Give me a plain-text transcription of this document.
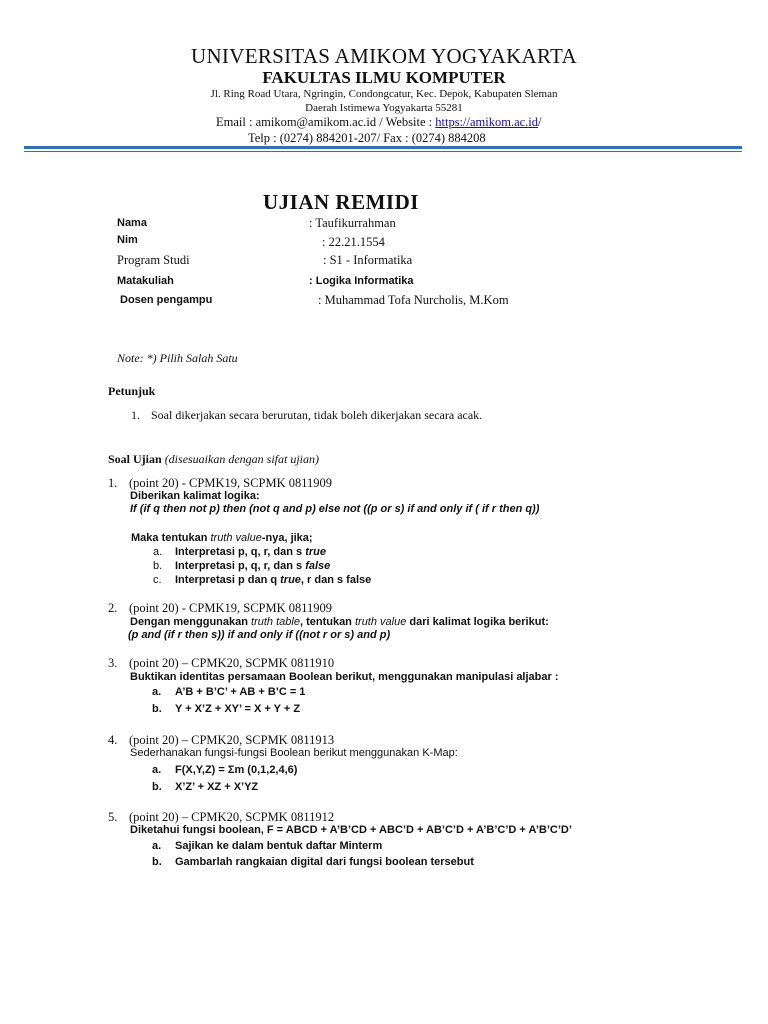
UNIVERSITAS AMIKOM YOGYAKARTA
FAKULTAS ILMU KOMPUTER
Jl. Ring Road Utara, Ngringin, Condongcatur, Kec. Depok, Kabupaten Sleman
Daerah Istimewa Yogyakarta 55281
Email : amikom@amikom.ac.id / Website : https://amikom.ac.id/
Telp : (0274) 884201-207/ Fax : (0274) 884208
UJIAN REMIDI
Nama	: Taufikurrahman
Nim	: 22.21.1554
Program Studi	: S1 - Informatika
Matakuliah	: Logika Informatika
Dosen pengampu	: Muhammad Tofa Nurcholis, M.Kom
Note: *) Pilih Salah Satu
Petunjuk
1. Soal dikerjakan secara berurutan, tidak boleh dikerjakan secara acak.
Soal Ujian (disesuaikan dengan sifat ujian)
1. (point 20) - CPMK19, SCPMK 0811909
Diberikan kalimat logika:
If (if q then not p) then (not q and p) else not ((p or s) if and only if ( if r then q))
Maka tentukan truth value-nya, jika;
a. Interpretasi p, q, r, dan s true
b. Interpretasi p, q, r, dan s false
c. Interpretasi p dan q true, r dan s false
2. (point 20) - CPMK19, SCPMK 0811909
Dengan menggunakan truth table, tentukan truth value dari kalimat logika berikut:
(p and (if r then s)) if and only if ((not r or s) and p)
3. (point 20) – CPMK20, SCPMK 0811910
Buktikan identitas persamaan Boolean berikut, menggunakan manipulasi aljabar :
a. A’B + B’C’ + AB + B’C = 1
b. Y + X’Z + XY’ = X + Y + Z
4. (point 20) – CPMK20, SCPMK 0811913
Sederhanakan fungsi-fungsi Boolean berikut menggunakan K-Map:
a. F(X,Y,Z) = Σm (0,1,2,4,6)
b. X’Z’ + XZ + X’YZ
5. (point 20) – CPMK20, SCPMK 0811912
Diketahui fungsi boolean, F = ABCD + A’B’CD + ABC’D + AB’C’D + A’B’C’D + A’B’C’D’
a. Sajikan ke dalam bentuk daftar Minterm
b. Gambarlah rangkaian digital dari fungsi boolean tersebut
